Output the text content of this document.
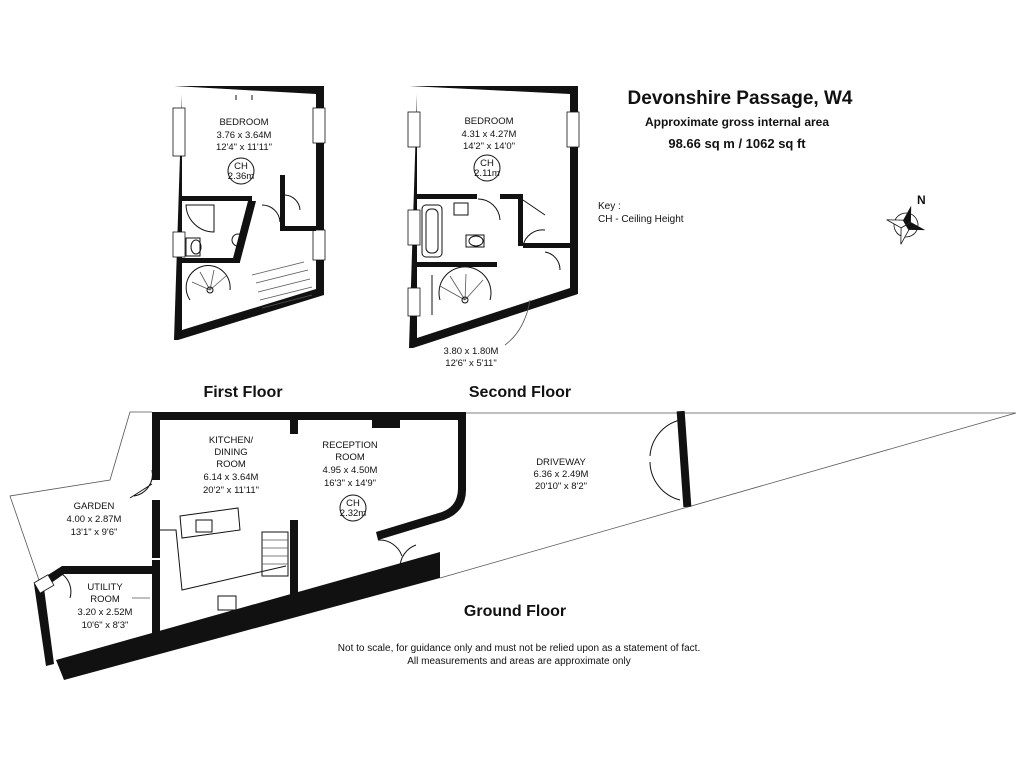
CH
2.36m
BEDROOM
3.76 x 3.64M
12'4" x 11'11"
CH
2.11m
BEDROOM
4.31 x 4.27M
14'2" x 14'0"
3.80 x 1.80M
12'6" x 5'11"
CH
2.32m
KITCHEN/
DINING
ROOM
6.14 x 3.64M
20'2" x 11'11"
RECEPTION
ROOM
4.95 x 4.50M
16'3" x 14'9"
DRIVEWAY
6.36 x 2.49M
20'10" x 8'2"
GARDEN
4.00 x 2.87M
13'1" x 9'6"
UTILITY
ROOM
3.20 x 2.52M
10'6" x 8'3"
Devonshire Passage, W4
Approximate gross internal area
98.66 sq m / 1062 sq ft
Key :
CH - Ceiling Height
N
First Floor	Second Floor
Ground Floor
Not to scale, for guidance only and must not be relied upon as a statement of fact.
All measurements and areas are approximate only
